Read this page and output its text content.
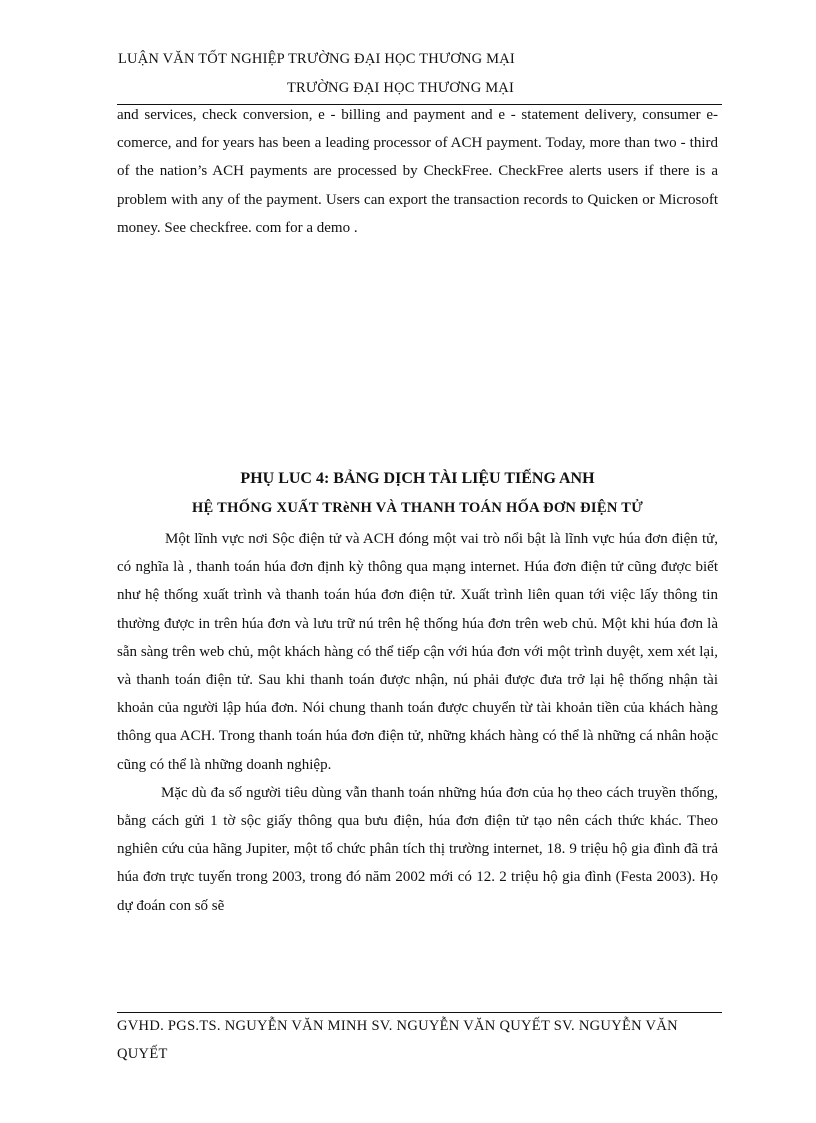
LUẬN VĂN TỐT NGHIỆP TRƯỜNG ĐẠI HỌC THƯƠNG MẠI
TRƯỜNG ĐẠI HỌC THƯƠNG MẠI

and services, check conversion, e - billing and payment and e - statement delivery, consumer e-comerce, and for years has been a leading processor of ACH payment. Today, more than two - third of the nation’s ACH payments are processed by CheckFree. CheckFree alerts users if there is a problem with any of the payment. Users can export the transaction records to Quicken or Microsoft money. See checkfree. com for a demo .

PHỤ LUC 4: BẢNG DỊCH TÀI LIỆU TIẾNG ANH
HỆ THỐNG XUẤT TRèNH VÀ THANH TOÁN HỐA ĐƠN ĐIỆN TỬ

Một lĩnh vực nơi Sộc điện tử và ACH đóng một vai trò nổi bật là lĩnh vực húa đơn điện tử, có nghĩa là , thanh toán húa đơn định kỳ thông qua mạng internet. Húa đơn điện tử cũng được biết như hệ thống xuất trình và thanh toán húa đơn điện tử. Xuất trình liên quan tới việc lấy thông tin thường được in trên húa đơn và lưu trữ nú trên hệ thống húa đơn trên web chủ. Một khi húa đơn là sẵn sàng trên web chủ, một khách hàng có thể tiếp cận với húa đơn với một trình duyệt, xem xét lại, và thanh toán điện tử. Sau khi thanh toán được nhận, nú phải được đưa trở lại hệ thống nhận tài khoản của người lập húa đơn. Nói chung thanh toán được chuyển từ tài khoản tiền của khách hàng thông qua ACH. Trong thanh toán húa đơn điện tử, những khách hàng có thể là những cá nhân hoặc cũng có thể là những doanh nghiệp.

Mặc dù đa số người tiêu dùng vẫn thanh toán những húa đơn của họ theo cách truyền thống, bằng cách gửi 1 tờ sộc giấy thông qua bưu điện, húa đơn điện tử tạo nên cách thức khác. Theo nghiên cứu của hãng Jupiter, một tổ chức phân tích thị trường internet, 18. 9 triệu hộ gia đình đã trả húa đơn trực tuyến trong 2003, trong đó năm 2002 mới có 12. 2 triệu hộ gia đình (Festa 2003). Họ dự đoán con số sẽ

GVHD. PGS.TS. NGUYỄN VĂN MINH SV. NGUYỄN VĂN QUYẾT SV. NGUYỄN VĂN QUYẾT
